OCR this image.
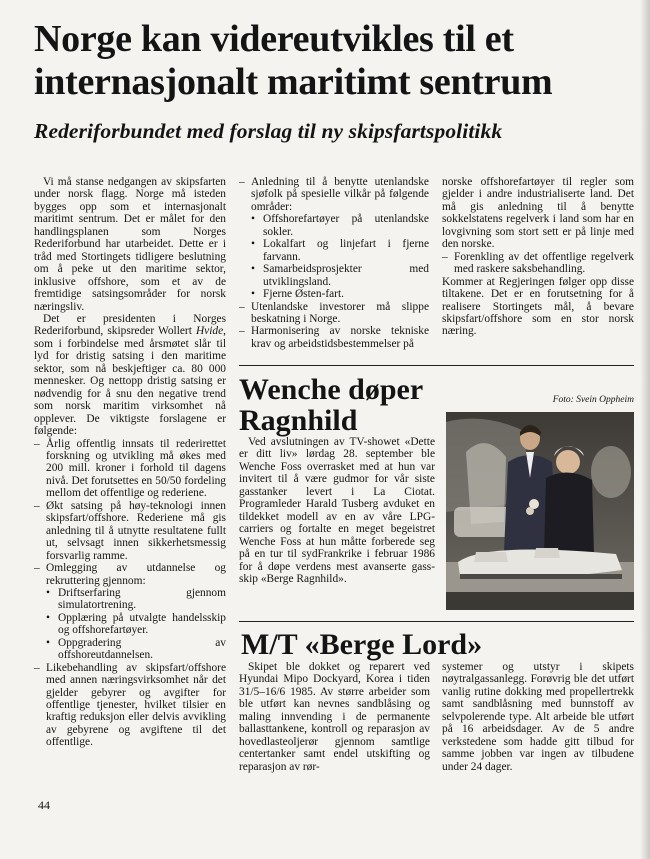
Norge kan videreutvikles til et internasjonalt maritimt sentrum
Rederiforbundet med forslag til ny skipsfartspolitikk

Vi må stanse nedgangen av skipsfarten under norsk flagg. Norge må isteden bygges opp som et internasjonalt maritimt sentrum. Det er målet for den handlingsplanen som Norges Rederiforbund har utarbeidet. Dette er i tråd med Stortingets tidligere beslutning om å peke ut den maritime sektor, inklusive offshore, som et av de fremtidige satsingsområder for norsk næringsliv.

Det er presidenten i Norges Rederiforbund, skipsreder Wollert Hvide, som i forbindelse med årsmøtet slår til lyd for dristig satsing i den maritime sektor, som nå beskjeftiger ca. 80 000 mennesker. Og nettopp dristig satsing er nødvendig for å snu den negative trend som norsk maritim virksomhet nå opplever. De viktigste forslagene er følgende:

– Årlig offentlig innsats til rederirettet forskning og utvikling må økes med 200 mill. kroner i forhold til dagens nivå. Det forutsettes en 50/50 fordeling mellom det offentlige og rederiene.
– Økt satsing på høy-teknologi innen skipsfart/offshore. Rederiene må gis anledning til å utnytte resultatene fullt ut, selvsagt innen sikkerhetsmessig forsvarlig ramme.
– Omlegging av utdannelse og rekruttering gjennom:
• Driftserfaring gjennom simulatortrening.
• Opplæring på utvalgte handelsskip og offshorefartøyer.
• Oppgradering av offshoreutdannelsen.
– Likebehandling av skipsfart/offshore med annen næringsvirksomhet når det gjelder gebyrer og avgifter for offentlige tjenester, hvilket tilsier en kraftig reduksjon eller delvis avvikling av gebyrene og avgiftene til det offentlige.
– Anledning til å benytte utenlandske sjøfolk på spesielle vilkår på følgende områder:
• Offshorefartøyer på utenlandske sokler.
• Lokalfart og linjefart i fjerne farvann.
• Samarbeidsprosjekter med utviklingsland.
• Fjerne Østen-fart.
– Utenlandske investorer må slippe beskatning i Norge.
– Harmonisering av norske tekniske krav og arbeidstidsbestemmelser på

norske offshorefartøyer til regler som gjelder i andre industrialiserte land. Det må gis anledning til å benytte sokkelstatens regelverk i land som har en lovgivning som stort sett er på linje med den norske.

– Forenkling av det offentlige regelverk med raskere saksbehandling.

Kommer at Regjeringen følger opp disse tiltakene. Det er en forutsetning for å realisere Stortingets mål, å bevare skipsfart/offshore som en stor norsk næring.

Wenche døper Ragnhild
Foto: Svein Oppheim

Ved avslutningen av TV-showet «Dette er ditt liv» lørdag 28. september ble Wenche Foss overrasket med at hun var invitert til å være gudmor for vår siste gasstanker levert i La Ciotat. Programleder Harald Tusberg avduket en tildekket modell av en av våre LPG-carriers og fortalte en meget begeistret Wenche Foss at hun måtte forberede seg på en tur til sydFrankrike i februar 1986 for å døpe verdens mest avanserte gass-skip «Berge Ragnhild».

M/T «Berge Lord»

Skipet ble dokket og reparert ved Hyundai Mipo Dockyard, Korea i tiden 31/5–16/6 1985. Av større arbeider som ble utført kan nevnes sandblåsing og maling innvending i de permanente ballasttankene, kontroll og reparasjon av hovedlasteoljerør gjennom samtlige centertanker samt endel utskifting og reparasjon av rør-

systemer og utstyr i skipets nøytralgassanlegg. Forøvrig ble det utført vanlig rutine dokking med propellertrekk samt sandblåsning med bunnstoff av selvpolerende type. Alt arbeide ble utført på 16 arbeidsdager. Av de 5 andre verkstedene som hadde gitt tilbud for samme jobben var ingen av tilbudene under 24 dager.

44
